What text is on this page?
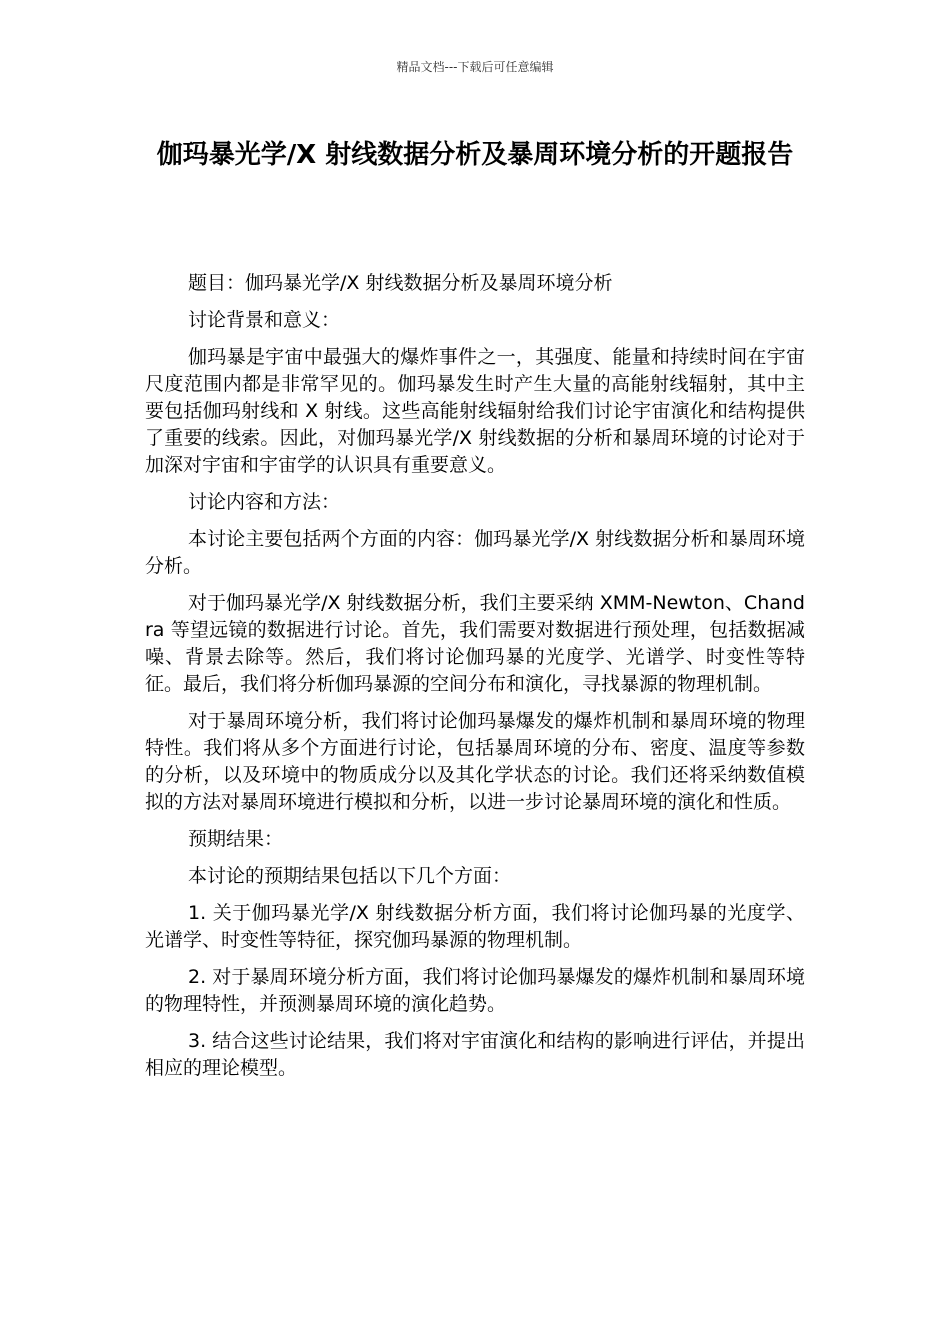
精品文档---下载后可任意编辑
伽玛暴光学/X 射线数据分析及暴周环境分析的开题报告

题目：伽玛暴光学/X 射线数据分析及暴周环境分析

讨论背景和意义：

伽玛暴是宇宙中最强大的爆炸事件之一，其强度、能量和持续时间在宇宙尺度范围内都是非常罕见的。伽玛暴发生时产生大量的高能射线辐射，其中主要包括伽玛射线和 X 射线。这些高能射线辐射给我们讨论宇宙演化和结构提供了重要的线索。因此，对伽玛暴光学/X 射线数据的分析和暴周环境的讨论对于加深对宇宙和宇宙学的认识具有重要意义。

讨论内容和方法：

本讨论主要包括两个方面的内容：伽玛暴光学/X 射线数据分析和暴周环境分析。

对于伽玛暴光学/X 射线数据分析，我们主要采纳 XMM-Newton、Chandra 等望远镜的数据进行讨论。首先，我们需要对数据进行预处理，包括数据减噪、背景去除等。然后，我们将讨论伽玛暴的光度学、光谱学、时变性等特征。最后，我们将分析伽玛暴源的空间分布和演化，寻找暴源的物理机制。

对于暴周环境分析，我们将讨论伽玛暴爆发的爆炸机制和暴周环境的物理特性。我们将从多个方面进行讨论，包括暴周环境的分布、密度、温度等参数的分析，以及环境中的物质成分以及其化学状态的讨论。我们还将采纳数值模拟的方法对暴周环境进行模拟和分析，以进一步讨论暴周环境的演化和性质。

预期结果：

本讨论的预期结果包括以下几个方面：

1. 关于伽玛暴光学/X 射线数据分析方面，我们将讨论伽玛暴的光度学、光谱学、时变性等特征，探究伽玛暴源的物理机制。

2. 对于暴周环境分析方面，我们将讨论伽玛暴爆发的爆炸机制和暴周环境的物理特性，并预测暴周环境的演化趋势。

3. 结合这些讨论结果，我们将对宇宙演化和结构的影响进行评估，并提出相应的理论模型。
